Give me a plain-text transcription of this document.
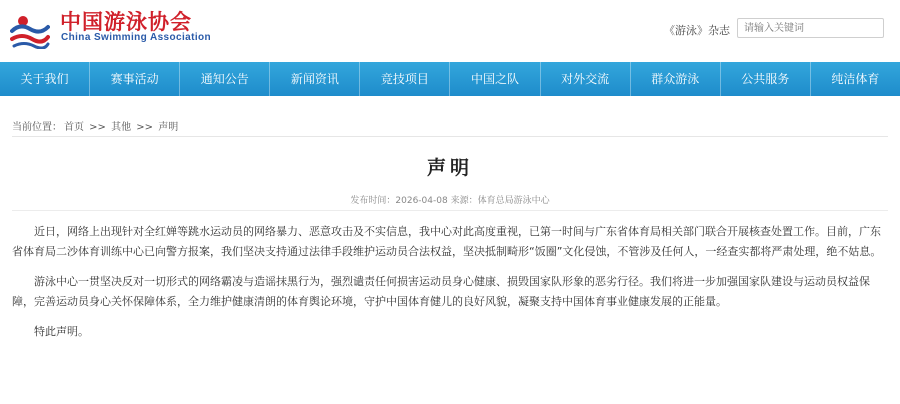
中国游泳协会
China Swimming Association
《游泳》杂志
请输入关键词
关于我们	赛事活动	通知公告	新闻资讯	竞技项目	中国之队	对外交流	群众游泳	公共服务	纯洁体育
当前位置： 首页 >> 其他 >> 声明
声明
发布时间：2026-04-08 来源：体育总局游泳中心

近日，网络上出现针对全红婵等跳水运动员的网络暴力、恶意攻击及不实信息，我中心对此高度重视，已第一时间与广东省体育局相关部门联合开展核查处置工作。目前，广东省体育局二沙体育训练中心已向警方报案，我们坚决支持通过法律手段维护运动员合法权益，坚决抵制畸形“饭圈”文化侵蚀，不管涉及任何人，一经查实都将严肃处理，绝不姑息。

游泳中心一贯坚决反对一切形式的网络霸凌与造谣抹黑行为，强烈谴责任何损害运动员身心健康、损毁国家队形象的恶劣行径。我们将进一步加强国家队建设与运动员权益保障，完善运动员身心关怀保障体系，全力维护健康清朗的体育舆论环境，守护中国体育健儿的良好风貌，凝聚支持中国体育事业健康发展的正能量。

特此声明。
